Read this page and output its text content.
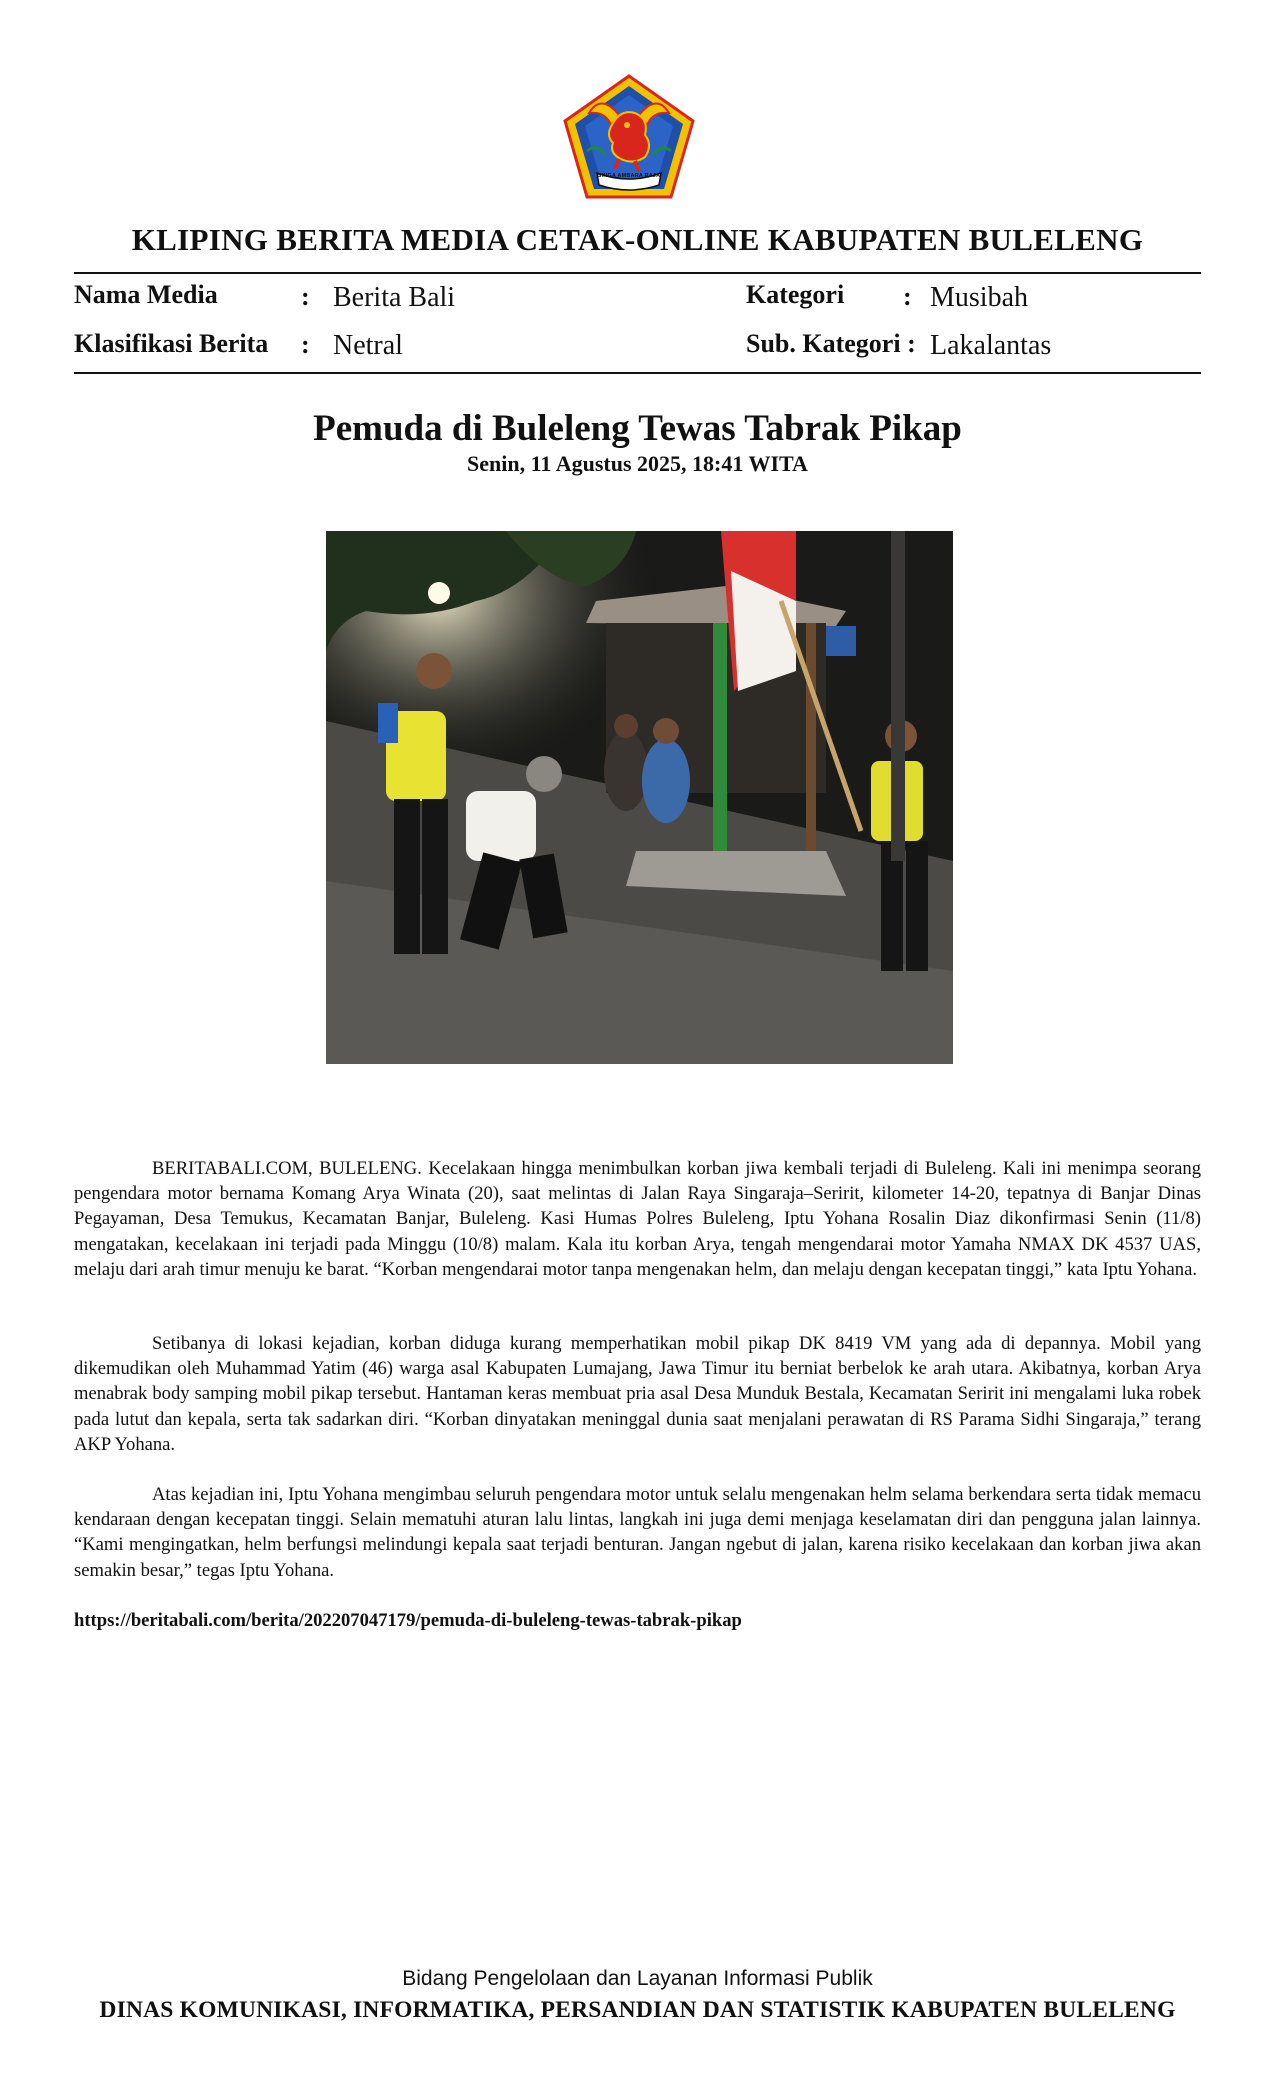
SINGA AMBARA RAJA
KLIPING BERITA MEDIA CETAK-ONLINE KABUPATEN BULELENG
Nama Media	: Berita Bali
Klasifikasi Berita : Netral
Kategori : Musibah
Sub. Kategori : Lakalantas
Pemuda di Buleleng Tewas Tabrak Pikap
Senin, 11 Agustus 2025, 18:41 WITA

BERITABALI.COM, BULELENG. Kecelakaan hingga menimbulkan korban jiwa kembali terjadi di Buleleng. Kali ini menimpa seorang pengendara motor bernama Komang Arya Winata (20), saat melintas di Jalan Raya Singaraja–Seririt, kilometer 14-20, tepatnya di Banjar Dinas Pegayaman, Desa Temukus, Kecamatan Banjar, Buleleng. Kasi Humas Polres Buleleng, Iptu Yohana Rosalin Diaz dikonfirmasi Senin (11/8) mengatakan, kecelakaan ini terjadi pada Minggu (10/8) malam. Kala itu korban Arya, tengah mengendarai motor Yamaha NMAX DK 4537 UAS, melaju dari arah timur menuju ke barat. “Korban mengendarai motor tanpa mengenakan helm, dan melaju dengan kecepatan tinggi,” kata Iptu Yohana.

Setibanya di lokasi kejadian, korban diduga kurang memperhatikan mobil pikap DK 8419 VM yang ada di depannya. Mobil yang dikemudikan oleh Muhammad Yatim (46) warga asal Kabupaten Lumajang, Jawa Timur itu berniat berbelok ke arah utara. Akibatnya, korban Arya menabrak body samping mobil pikap tersebut. Hantaman keras membuat pria asal Desa Munduk Bestala, Kecamatan Seririt ini mengalami luka robek pada lutut dan kepala, serta tak sadarkan diri. “Korban dinyatakan meninggal dunia saat menjalani perawatan di RS Parama Sidhi Singaraja,” terang AKP Yohana.

Atas kejadian ini, Iptu Yohana mengimbau seluruh pengendara motor untuk selalu mengenakan helm selama berkendara serta tidak memacu kendaraan dengan kecepatan tinggi. Selain mematuhi aturan lalu lintas, langkah ini juga demi menjaga keselamatan diri dan pengguna jalan lainnya. “Kami mengingatkan, helm berfungsi melindungi kepala saat terjadi benturan. Jangan ngebut di jalan, karena risiko kecelakaan dan korban jiwa akan semakin besar,” tegas Iptu Yohana.

https://beritabali.com/berita/202207047179/pemuda-di-buleleng-tewas-tabrak-pikap
Bidang Pengelolaan dan Layanan Informasi Publik
DINAS KOMUNIKASI, INFORMATIKA, PERSANDIAN DAN STATISTIK KABUPATEN BULELENG
